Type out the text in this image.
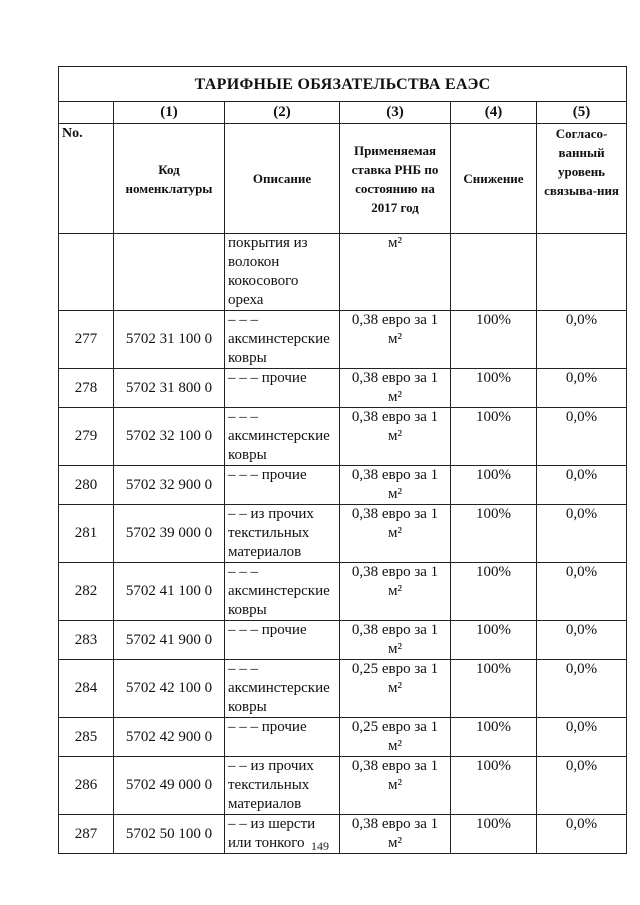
ТАРИФНЫЕ ОБЯЗАТЕЛЬСТВА ЕАЭС					
	(1)	(2)	(3)	(4)	(5)
No.	Код номенклатуры	Описание	Применяемая ставка РНБ по состоянию на 2017 год	Снижение	Согласо-ванный уровень связыва-ния
		покрытия из волокон кокосового ореха	м²		
277	5702 31 100 0	– – – аксминстерские ковры	0,38 евро за 1 м²	100%	0,0%
278	5702 31 800 0	– – – прочие	0,38 евро за 1 м²	100%	0,0%
279	5702 32 100 0	– – – аксминстерские ковры	0,38 евро за 1 м²	100%	0,0%
280	5702 32 900 0	– – – прочие	0,38 евро за 1 м²	100%	0,0%
281	5702 39 000 0	– – из прочих текстильных материалов	0,38 евро за 1 м²	100%	0,0%
282	5702 41 100 0	– – – аксминстерские ковры	0,38 евро за 1 м²	100%	0,0%
283	5702 41 900 0	– – – прочие	0,38 евро за 1 м²	100%	0,0%
284	5702 42 100 0	– – – аксминстерские ковры	0,25 евро за 1 м²	100%	0,0%
285	5702 42 900 0	– – – прочие	0,25 евро за 1 м²	100%	0,0%
286	5702 49 000 0	– – из прочих текстильных материалов	0,38 евро за 1 м²	100%	0,0%
287	5702 50 100 0	– – из шерсти или тонкого	0,38 евро за 1 м²	100%	0,0%
149
